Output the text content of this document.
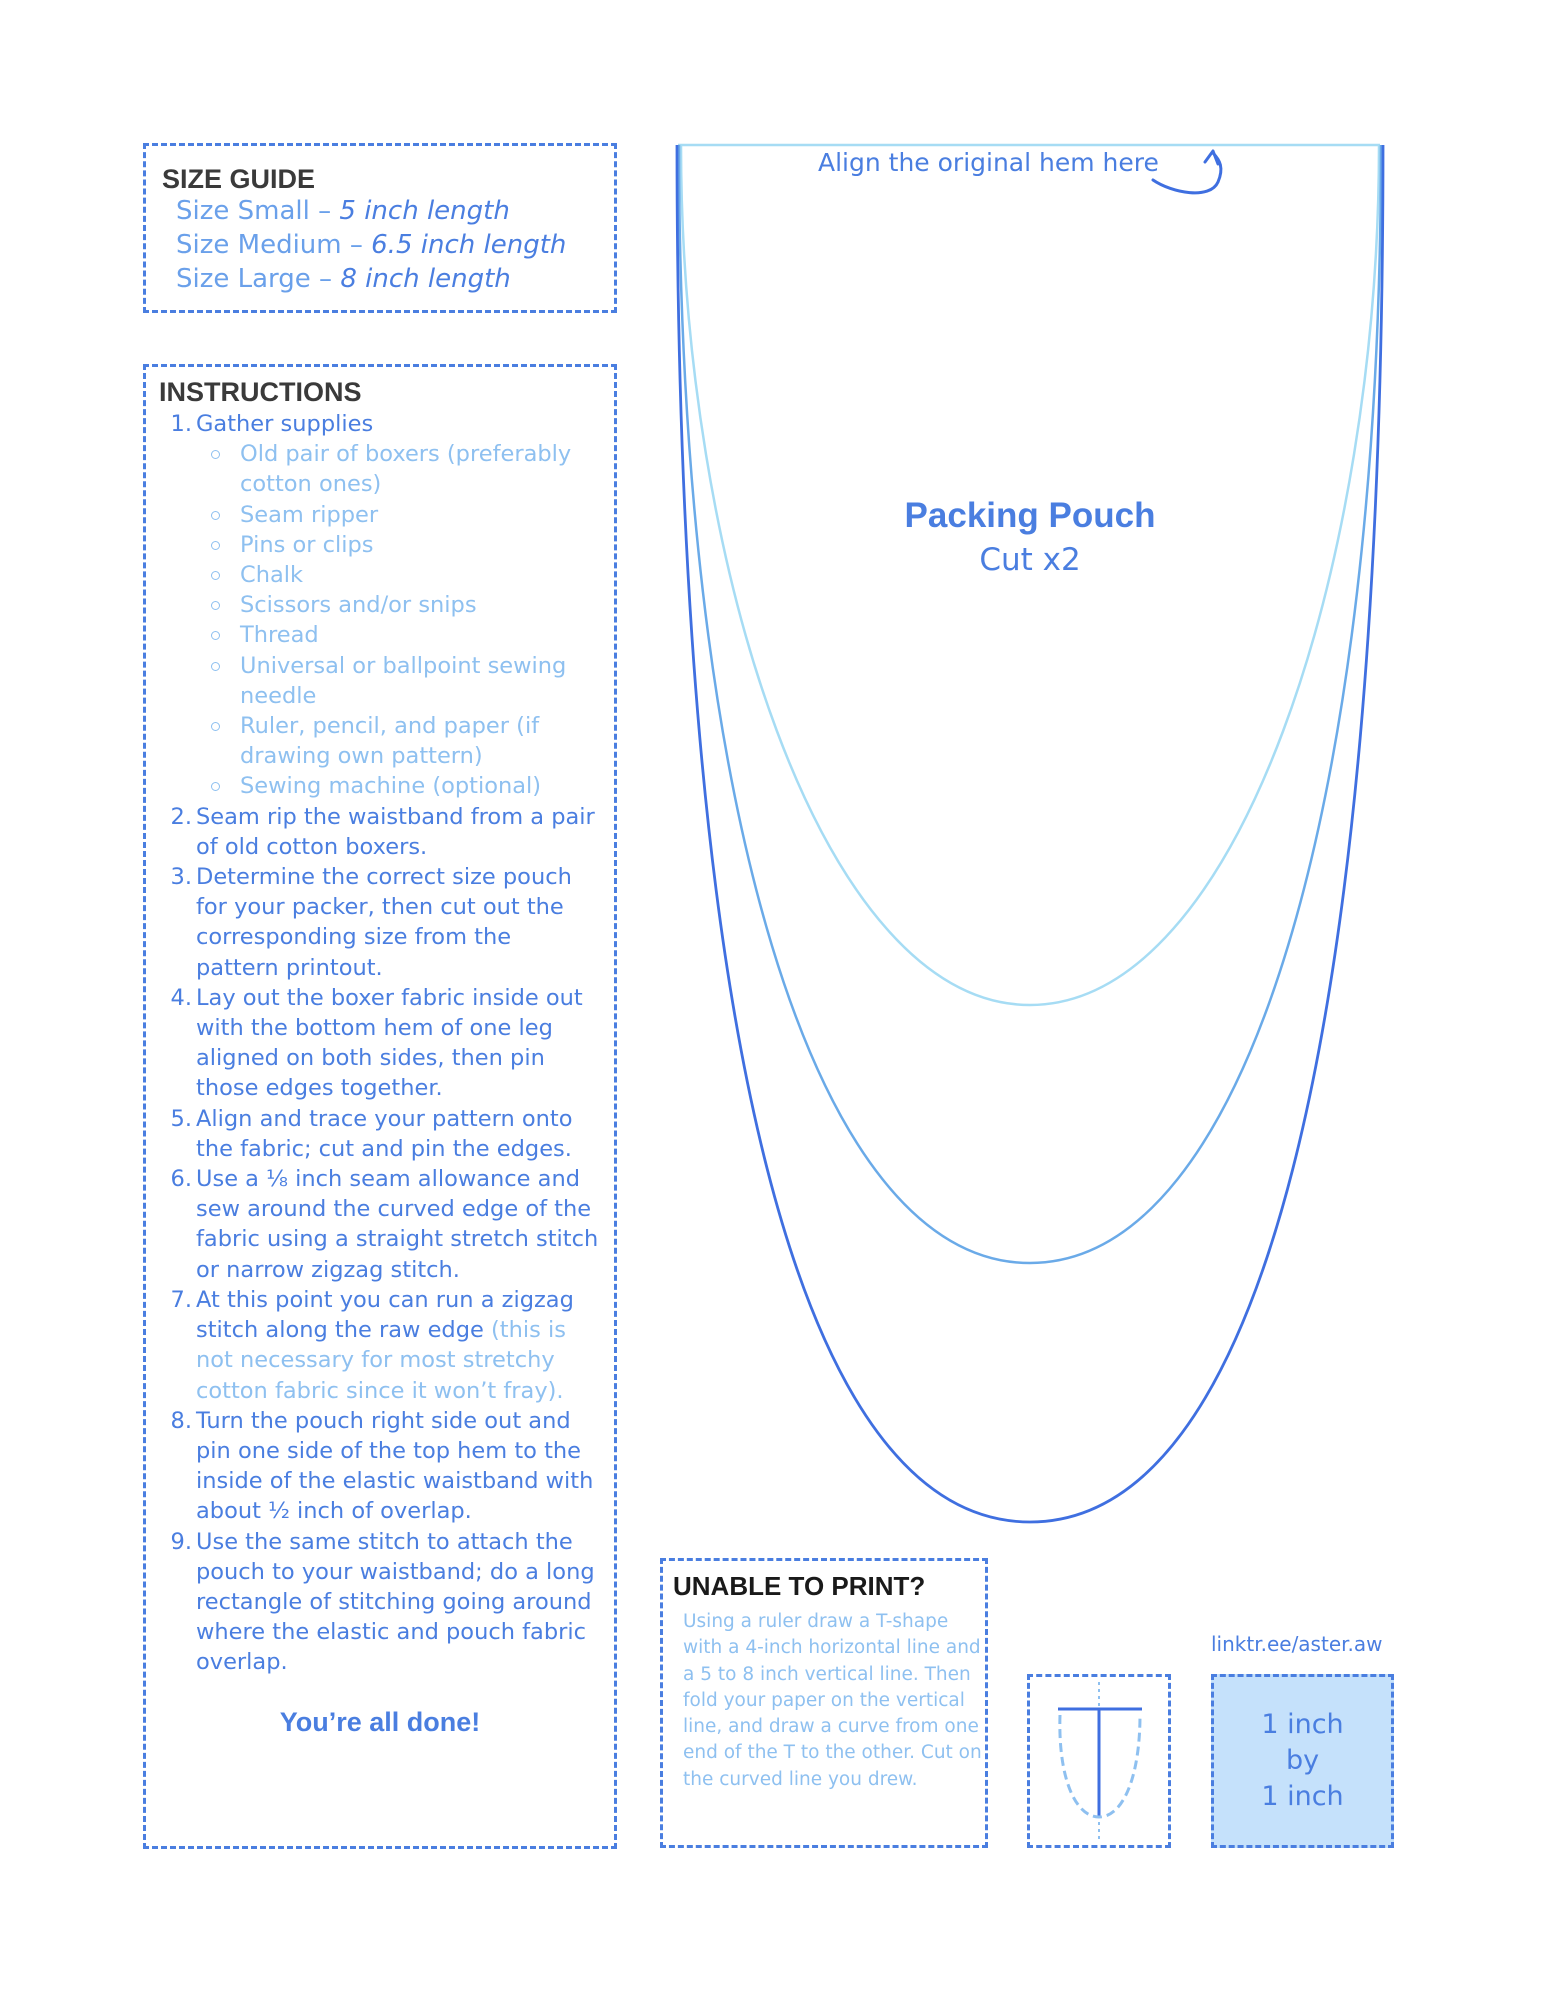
SIZE GUIDE
Size Small – 5 inch length
Size Medium – 6.5 inch length
Size Large – 8 inch length
INSTRUCTIONS
1. Gather supplies
Old pair of boxers (preferably cotton ones)
Seam ripper
Pins or clips
Chalk
Scissors and/or snips
Thread
Universal or ballpoint sewing needle
Ruler, pencil, and paper (if drawing own pattern)
Sewing machine (optional)
2. Seam rip the waistband from a pair of old cotton boxers.
3. Determine the correct size pouch for your packer, then cut out the corresponding size from the pattern printout.
4. Lay out the boxer fabric inside out with the bottom hem of one leg aligned on both sides, then pin those edges together.
5. Align and trace your pattern onto the fabric; cut and pin the edges.
6. Use a ⅛ inch seam allowance and sew around the curved edge of the fabric using a straight stretch stitch or narrow zigzag stitch.
7. At this point you can run a zigzag stitch along the raw edge (this is not necessary for most stretchy cotton fabric since it won’t fray).
8. Turn the pouch right side out and pin one side of the top hem to the inside of the elastic waistband with about ½ inch of overlap.
9. Use the same stitch to attach the pouch to your waistband; do a long rectangle of stitching going around where the elastic and pouch fabric overlap.
You’re all done!
Align the original hem here
Packing Pouch
Cut x2
UNABLE TO PRINT?
Using a ruler draw a T-shape with a 4-inch horizontal line and a 5 to 8 inch vertical line. Then fold your paper on the vertical line, and draw a curve from one end of the T to the other. Cut on the curved line you drew.
linktr.ee/aster.aw
1 inch
by
1 inch
